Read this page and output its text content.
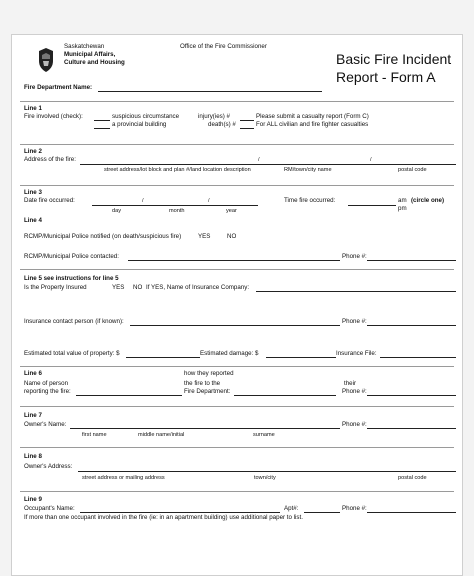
Saskatchewan
Municipal Affairs,
Culture and Housing
Office of the Fire Commissioner
Basic Fire Incident
Report - Form A
Fire Department Name:
Line 1
Fire involved (check):	suspicious circumstance
a provincial building
injury(ies) #
death(s) #
Please submit a casualty report (Form C)
For ALL civilian and fire fighter casualties
Line 2
Address of the fire:	/	/
street address/lot block and plan #/land location description	RM/town/city name	postal code
Line 3
Date fire occurred:	/	/
day	month	year
Time fire occurred:	am (circle one)
pm
Line 4
RCMP/Municipal Police notified (on death/suspicious fire)	YES	NO
RCMP/Municipal Police contacted:	Phone #:
Line 5 see instructions for line 5
Is the Property Insured	YES NO If YES, Name of Insurance Company:
Insurance contact person (if known):	Phone #:
Estimated total value of property: $	Estimated damage: $	Insurance File:
Line 6
Name of person
reporting the fire:
how they reported
the fire to the
Fire Department:
their
Phone #:
Line 7
Owner's Name:
first name	middle name/initial	surname
Phone #:
Line 8
Owner's Address:
street address or mailing address	town/city	postal code
Line 9
Occupant's Name:	Apt#:	Phone #:
If more than one occupant involved in the fire (ie: in an apartment building) use additional paper to list.
